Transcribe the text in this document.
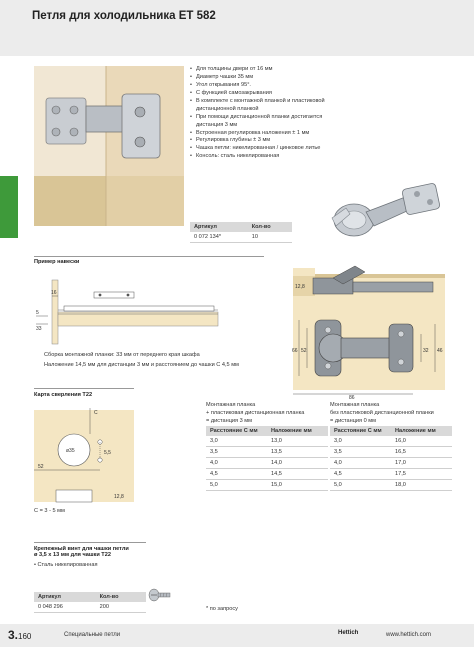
Петля для холодильника ET 582
• Для толщины двери от 16 мм
• Диаметр чашки 35 мм
• Угол открывания 95°.
• С функцией самозакрывания
• В комплекте с монтажной планкой и пластиковой дистанционной планкой
• При помощи дистанционной планки достигается дистанция 3 мм
• Встроенная регулировка наложения ± 1 мм
• Регулировка глубины ± 3 мм
• Чашка петли: никелированная / цинковое литье
• Консоль: сталь никелированная
Артикул	Кол-во
0 072 134*	10
Пример навески
16
5
33
Сборка монтажной планки: 33 мм от переднего края шкафа
Наложение 14,5 мм для дистанции 3 мм и расстоянием до чашки C 4,5 мм
12,8
66 52	32 46
86
Карта сверления T22
C
ø35	5,5
52
12,8
C = 3 - 5 мм
Монтажная планка
+ пластиковая дистанционная планка
= дистанция 3 мм
Расстояние C мм	Наложение мм
3,0	13,0
3,5	13,5
4,0	14,0
4,5	14,5
5,0	15,0
Монтажная планка
без пластиковой дистанционной планки
= дистанция 0 мм
Расстояние C мм	Наложение мм
3,0	16,0
3,5	16,5
4,0	17,0
4,5	17,5
5,0	18,0
Крепежный винт для чашки петли
ø 3,5 x 13 мм для чашки T22
• Сталь никелированная
Артикул	Кол-во
0 048 296	200	* по запросу
3.160	Специальные петли	Hettich	www.hettich.com
